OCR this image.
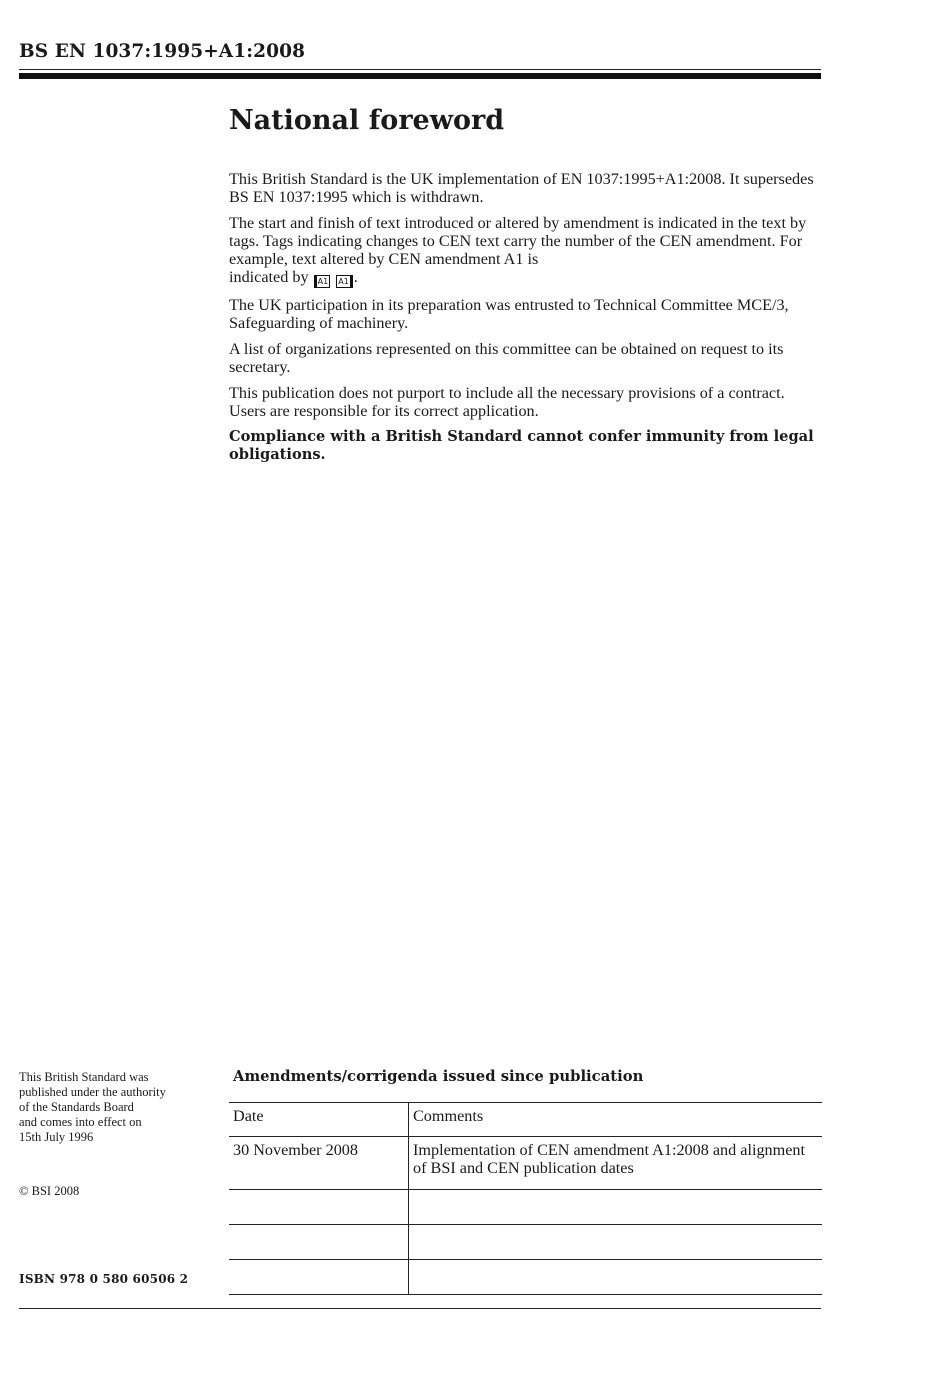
BS EN 1037:1995+A1:2008
National foreword

This British Standard is the UK implementation of EN 1037:1995+A1:2008. It supersedes BS EN 1037:1995 which is withdrawn.

The start and finish of text introduced or altered by amendment is indicated in the text by tags. Tags indicating changes to CEN text carry the number of the CEN amendment. For example, text altered by CEN amendment A1 is
indicated by A1 A1 .

The UK participation in its preparation was entrusted to Technical Committee MCE/3, Safeguarding of machinery.

A list of organizations represented on this committee can be obtained on request to its secretary.

This publication does not purport to include all the necessary provisions of a contract. Users are responsible for its correct application.

Compliance with a British Standard cannot confer immunity from legal obligations.

This British Standard was
published under the authority
of the Standards Board
and comes into effect on
15th July 1996
© BSI 2008
ISBN 978 0 580 60506 2
Amendments/corrigenda issued since publication
Date	Comments
30 November 2008	Implementation of CEN amendment A1:2008 and alignment of BSI and CEN publication dates
